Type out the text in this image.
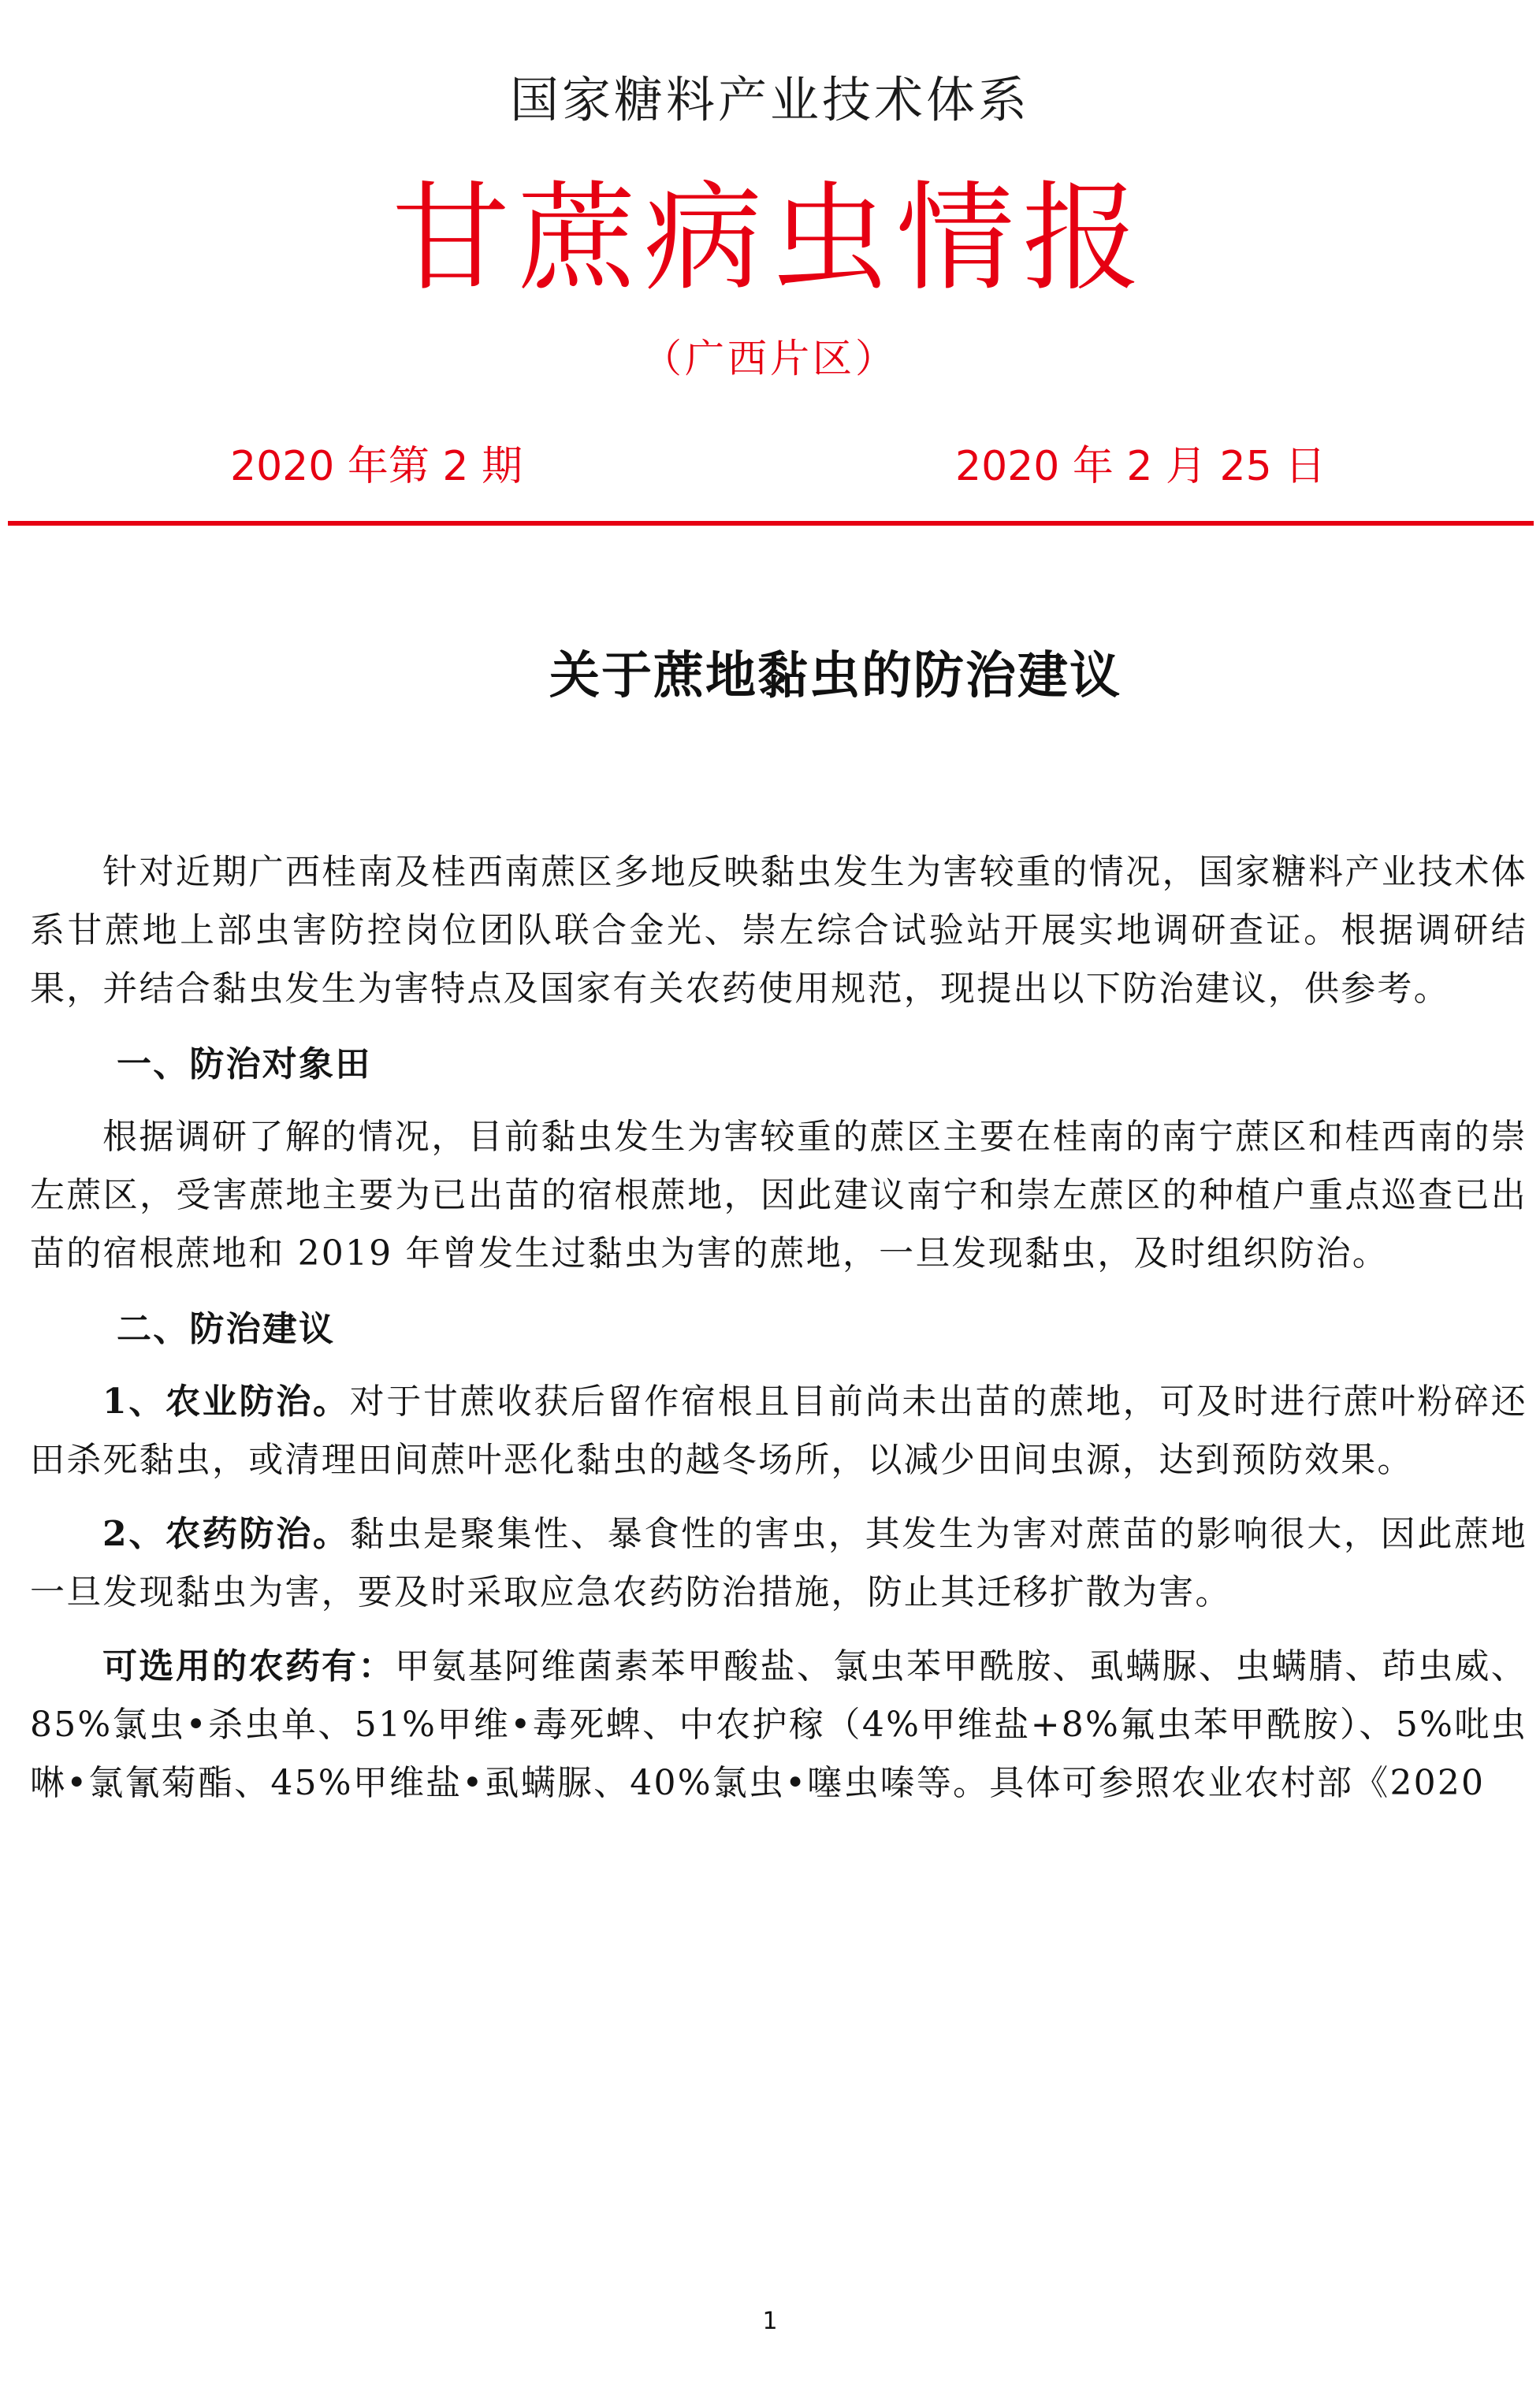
国家糖料产业技术体系
甘蔗病虫情报
（广西片区）
2020 年第 2 期	2020 年 2 月 25 日
关于蔗地黏虫的防治建议

针对近期广西桂南及桂西南蔗区多地反映黏虫发生为害较重的情况，国家糖料产业技术体系甘蔗地上部虫害防控岗位团队联合金光、崇左综合试验站开展实地调研查证。根据调研结果，并结合黏虫发生为害特点及国家有关农药使用规范，现提出以下防治建议，供参考。

一、防治对象田

根据调研了解的情况，目前黏虫发生为害较重的蔗区主要在桂南的南宁蔗区和桂西南的崇左蔗区，受害蔗地主要为已出苗的宿根蔗地，因此建议南宁和崇左蔗区的种植户重点巡查已出苗的宿根蔗地和 2019 年曾发生过黏虫为害的蔗地，一旦发现黏虫，及时组织防治。

二、防治建议

1、农业防治。对于甘蔗收获后留作宿根且目前尚未出苗的蔗地，可及时进行蔗叶粉碎还田杀死黏虫，或清理田间蔗叶恶化黏虫的越冬场所，以减少田间虫源，达到预防效果。

2、农药防治。黏虫是聚集性、暴食性的害虫，其发生为害对蔗苗的影响很大，因此蔗地一旦发现黏虫为害，要及时采取应急农药防治措施，防止其迁移扩散为害。

可选用的农药有：甲氨基阿维菌素苯甲酸盐、氯虫苯甲酰胺、虱螨脲、虫螨腈、茚虫威、85%氯虫•杀虫单、51%甲维•毒死蜱、中农护稼（4%甲维盐+8%氟虫苯甲酰胺）、5%吡虫啉•氯氰菊酯、45%甲维盐•虱螨脲、40%氯虫•噻虫嗪等。具体可参照农业农村部《2020

1
